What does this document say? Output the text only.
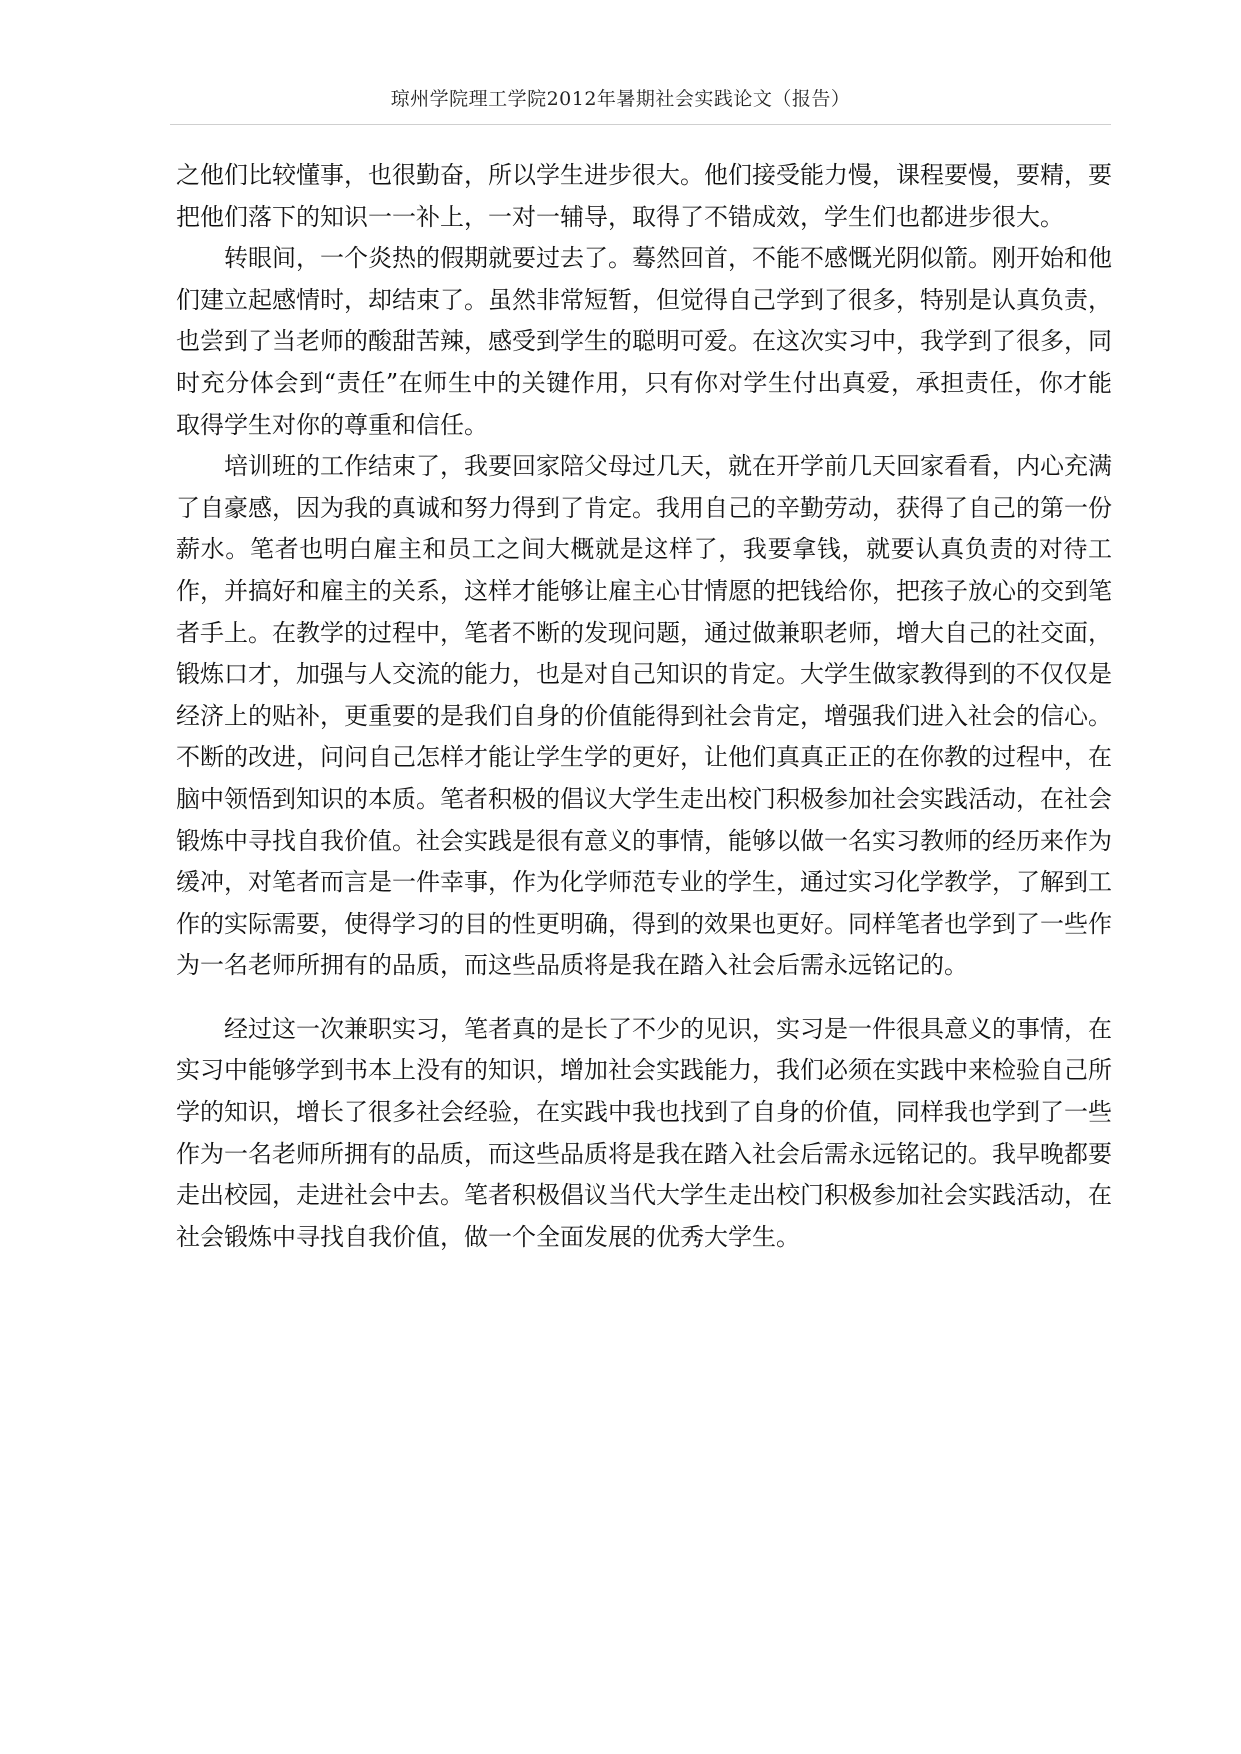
琼州学院理工学院2012年暑期社会实践论文（报告）

之他们比较懂事，也很勤奋，所以学生进步很大。他们接受能力慢，课程要慢，要精，要把他们落下的知识一一补上，一对一辅导，取得了不错成效，学生们也都进步很大。

转眼间，一个炎热的假期就要过去了。蓦然回首，不能不感慨光阴似箭。刚开始和他们建立起感情时，却结束了。虽然非常短暂，但觉得自己学到了很多，特别是认真负责，也尝到了当老师的酸甜苦辣，感受到学生的聪明可爱。在这次实习中，我学到了很多，同时充分体会到“责任”在师生中的关键作用，只有你对学生付出真爱，承担责任，你才能取得学生对你的尊重和信任。

培训班的工作结束了，我要回家陪父母过几天，就在开学前几天回家看看，内心充满了自豪感，因为我的真诚和努力得到了肯定。我用自己的辛勤劳动，获得了自己的第一份薪水。笔者也明白雇主和员工之间大概就是这样了，我要拿钱，就要认真负责的对待工作，并搞好和雇主的关系，这样才能够让雇主心甘情愿的把钱给你，把孩子放心的交到笔者手上。在教学的过程中，笔者不断的发现问题，通过做兼职老师，增大自己的社交面，锻炼口才，加强与人交流的能力，也是对自己知识的肯定。大学生做家教得到的不仅仅是经济上的贴补，更重要的是我们自身的价值能得到社会肯定，增强我们进入社会的信心。不断的改进，问问自己怎样才能让学生学的更好，让他们真真正正的在你教的过程中，在脑中领悟到知识的本质。笔者积极的倡议大学生走出校门积极参加社会实践活动，在社会锻炼中寻找自我价值。社会实践是很有意义的事情，能够以做一名实习教师的经历来作为缓冲，对笔者而言是一件幸事，作为化学师范专业的学生，通过实习化学教学，了解到工作的实际需要，使得学习的目的性更明确，得到的效果也更好。同样笔者也学到了一些作为一名老师所拥有的品质，而这些品质将是我在踏入社会后需永远铭记的。

经过这一次兼职实习，笔者真的是长了不少的见识，实习是一件很具意义的事情，在实习中能够学到书本上没有的知识，增加社会实践能力，我们必须在实践中来检验自己所学的知识，增长了很多社会经验，在实践中我也找到了自身的价值，同样我也学到了一些作为一名老师所拥有的品质，而这些品质将是我在踏入社会后需永远铭记的。我早晚都要走出校园，走进社会中去。笔者积极倡议当代大学生走出校门积极参加社会实践活动，在社会锻炼中寻找自我价值，做一个全面发展的优秀大学生。
